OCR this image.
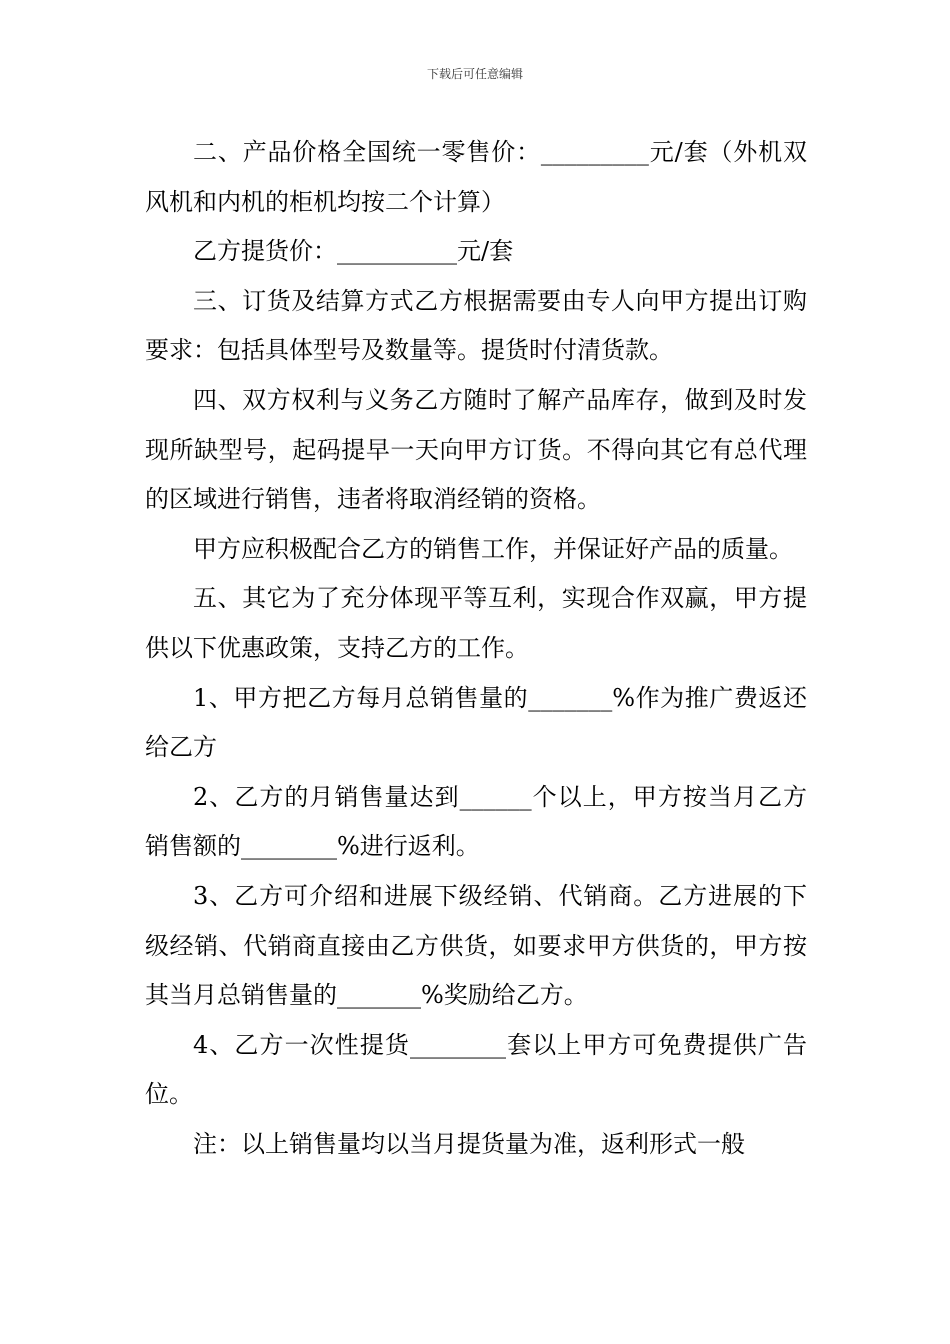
下载后可任意编辑

二、产品价格全国统一零售价：_________元/套（外机双风机和内机的柜机均按二个计算）

乙方提货价：__________元/套

三、订货及结算方式乙方根据需要由专人向甲方提出订购要求：包括具体型号及数量等。提货时付清货款。

四、双方权利与义务乙方随时了解产品库存，做到及时发现所缺型号，起码提早一天向甲方订货。不得向其它有总代理的区域进行销售，违者将取消经销的资格。

甲方应积极配合乙方的销售工作，并保证好产品的质量。

五、其它为了充分体现平等互利，实现合作双赢，甲方提供以下优惠政策，支持乙方的工作。

1、甲方把乙方每月总销售量的_______%作为推广费返还给乙方

2、乙方的月销售量达到______个以上，甲方按当月乙方销售额的________%进行返利。

3、乙方可介绍和进展下级经销、代销商。乙方进展的下级经销、代销商直接由乙方供货，如要求甲方供货的，甲方按其当月总销售量的_______%奖励给乙方。

4、乙方一次性提货________套以上甲方可免费提供广告位。

注：以上销售量均以当月提货量为准，返利形式一般
